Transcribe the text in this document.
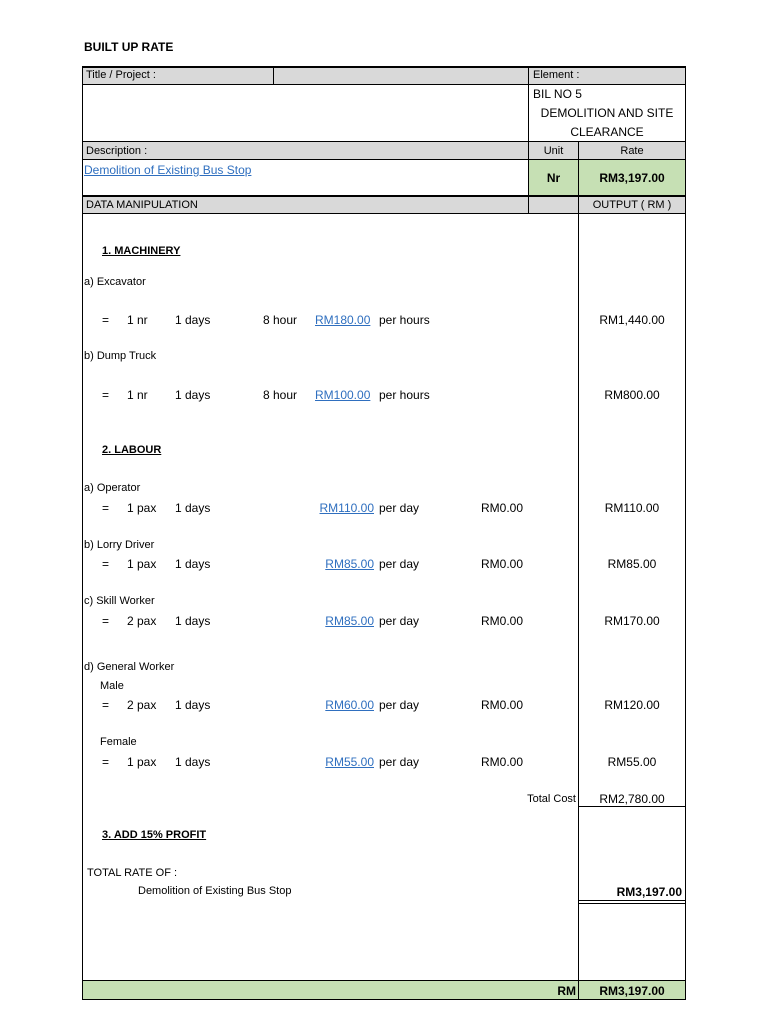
BUILT UP RATE
Title / Project :	Element :
BIL NO 5
DEMOLITION AND SITE
CLEARANCE
Description :
Demolition of Existing Bus Stop
Unit	Rate
Nr	RM3,197.00
DATA MANIPULATION	OUTPUT ( RM )
1. MACHINERY
a) Excavator
= 1 nr 1 days	8 hour RM180.00 per hours	RM1,440.00
b) Dump Truck
= 1 nr 1 days	8 hour RM100.00 per hours	RM800.00
2. LABOUR
a) Operator
= 1 pax 1 days	RM110.00 per day	RM0.00	RM110.00
b) Lorry Driver
= 1 pax 1 days	RM85.00 per day	RM0.00	RM85.00
c) Skill Worker
= 2 pax 1 days	RM85.00 per day	RM0.00	RM170.00
d) General Worker
Male
= 2 pax 1 days	RM60.00 per day	RM0.00	RM120.00
Female
= 1 pax 1 days	RM55.00 per day	RM0.00	RM55.00
Total Cost	RM2,780.00
3. ADD 15% PROFIT
TOTAL RATE OF :
Demolition of Existing Bus Stop	RM3,197.00
RM	RM3,197.00
